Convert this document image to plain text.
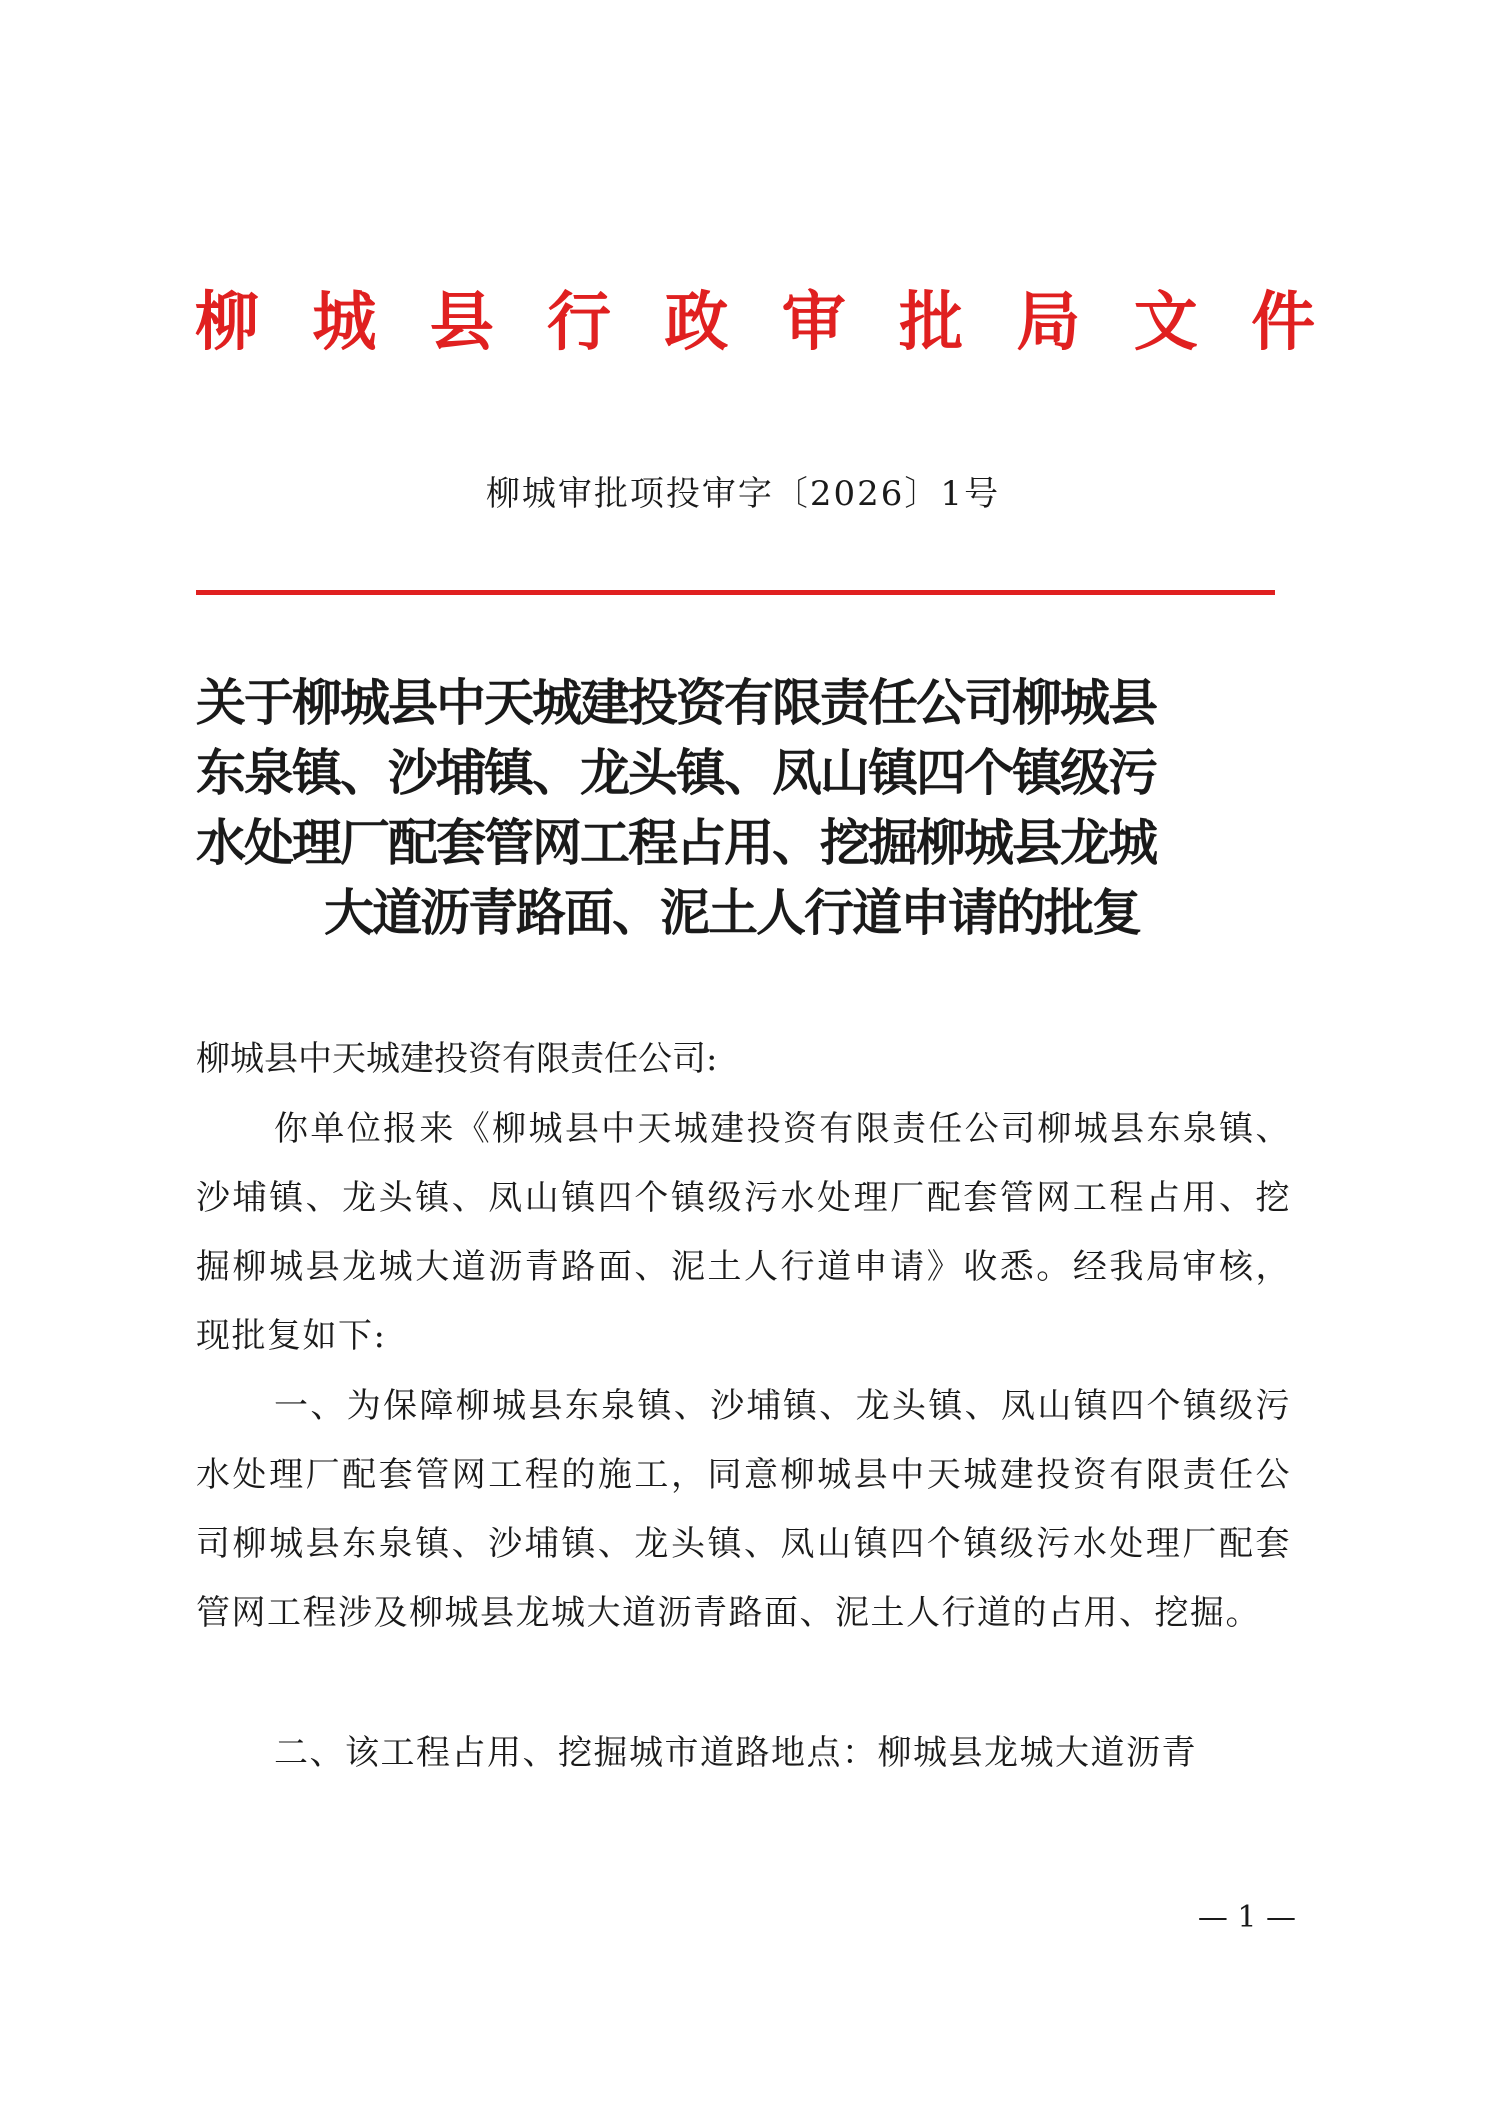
柳 城 县 行 政 审 批 局 文 件
柳城审批项投审字〔2026〕1号
关于柳城县中天城建投资有限责任公司柳城县
东泉镇、沙埔镇、龙头镇、凤山镇四个镇级污
水处理厂配套管网工程占用、挖掘柳城县龙城
大道沥青路面、泥土人行道申请的批复
柳城县中天城建投资有限责任公司:

你单位报来《柳城县中天城建投资有限责任公司柳城县东泉镇、沙埔镇、龙头镇、凤山镇四个镇级污水处理厂配套管网工程占用、挖掘柳城县龙城大道沥青路面、泥土人行道申请》收悉。经我局审核，现批复如下:

一、为保障柳城县东泉镇、沙埔镇、龙头镇、凤山镇四个镇级污水处理厂配套管网工程的施工，同意柳城县中天城建投资有限责任公司柳城县东泉镇、沙埔镇、龙头镇、凤山镇四个镇级污水处理厂配套管网工程涉及柳城县龙城大道沥青路面、泥土人行道的占用、挖掘。

二、该工程占用、挖掘城市道路地点：柳城县龙城大道沥青

— 1 —
